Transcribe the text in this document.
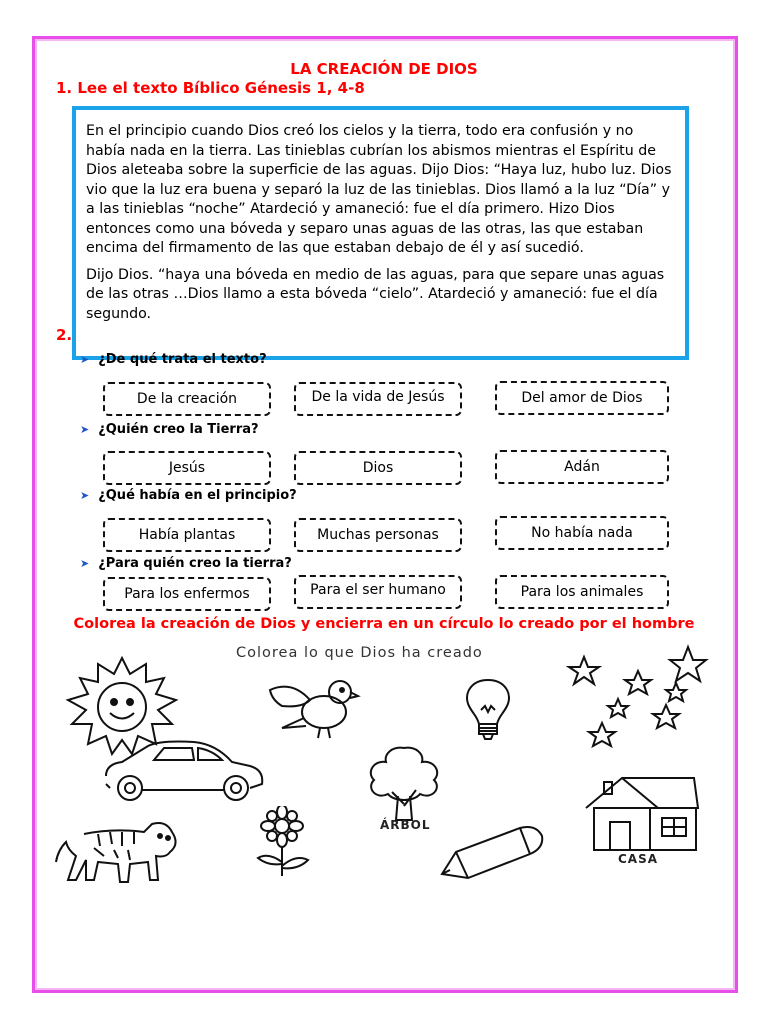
LA CREACIÓN DE DIOS
1. Lee el texto Bíblico Génesis 1, 4-8
2.

En el principio cuando Dios creó los cielos y la tierra, todo era confusión y no había nada en la tierra. Las tinieblas cubrían los abismos mientras el Espíritu de Dios aleteaba sobre la superficie de las aguas. Dijo Dios: “Haya luz, hubo luz. Dios vio que la luz era buena y separó la luz de las tinieblas. Dios llamó a la luz “Día” y a las tinieblas “noche” Atardeció y amaneció: fue el día primero. Hizo Dios entonces como una bóveda y separo unas aguas de las otras, las que estaban encima del firmamento de las que estaban debajo de él y así sucedió.

Dijo Dios. “haya una bóveda en medio de las aguas, para que separe unas aguas de las otras …Dios llamo a esta bóveda “cielo”. Atardeció y amaneció: fue el día segundo.

➤ ¿De qué trata el texto?
De la creación	De la vida de Jesús	Del amor de Dios
➤ ¿Quién creo la Tierra?
Jesús	Dios	Adán
➤ ¿Qué había en el principio?
Había plantas	Muchas personas	No había nada
➤ ¿Para quién creo la tierra?
Para los enfermos	Para el ser humano	Para los animales
Colorea la creación de Dios y encierra en un círculo lo creado por el hombre
Colorea lo que Dios ha creado
ÁRBOL
CASA
